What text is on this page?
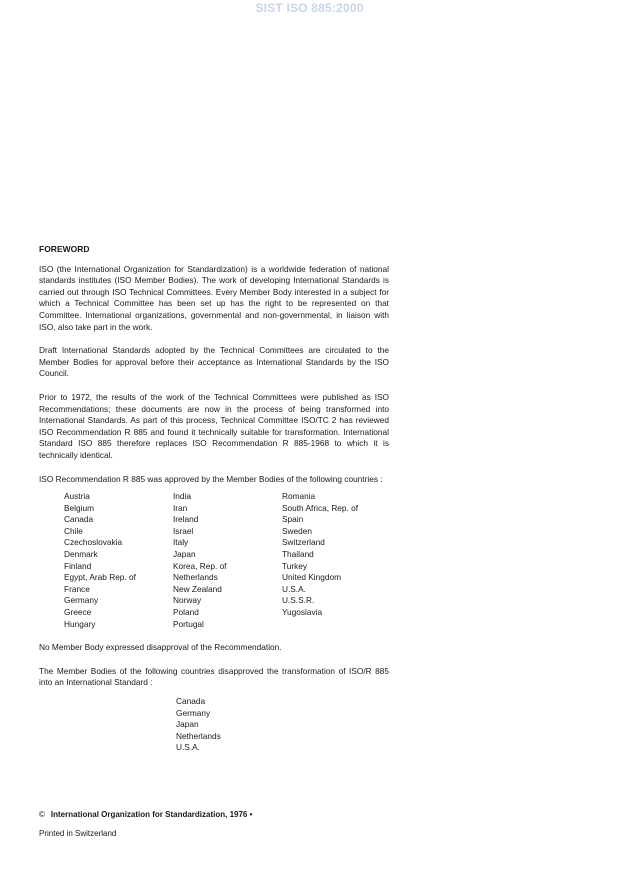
SIST ISO 885:2000
FOREWORD

ISO (the International Organization for Standardization) is a worldwide federation of national standards institutes (ISO Member Bodies). The work of developing International Standards is carried out through ISO Technical Committees. Every Member Body interested in a subject for which a Technical Committee has been set up has the right to be represented on that Committee. International organizations, governmental and non-governmental, in liaison with ISO, also take part in the work.

Draft International Standards adopted by the Technical Committees are circulated to the Member Bodies for approval before their acceptance as International Standards by the ISO Council.

Prior to 1972, the results of the work of the Technical Committees were published as ISO Recommendations; these documents are now in the process of being transformed into International Standards. As part of this process, Technical Committee ISO/TC 2 has reviewed ISO Recommendation R 885 and found it technically suitable for transformation. International Standard ISO 885 therefore replaces ISO Recommendation R 885-1968 to which it is technically identical.

ISO Recommendation R 885 was approved by the Member Bodies of the following countries :

Austria
Belgium
Canada
Chile
Czechoslovakia
Denmark
Finland
Egypt, Arab Rep. of
France
Germany
Greece
Hungary
India
Iran
Ireland
Israel
Italy
Japan
Korea, Rep. of
Netherlands
New Zealand
Norway
Poland
Portugal
Romania
South Africa, Rep. of
Spain
Sweden
Switzerland
Thailand
Turkey
United Kingdom
U.S.A.
U.S.S.R.
Yugoslavia

No Member Body expressed disapproval of the Recommendation.

The Member Bodies of the following countries disapproved the transformation of ISO/R 885 into an International Standard :

Canada
Germany
Japan
Netherlands
U.S.A.
© International Organization for Standardization, 1976 •
Printed in Switzerland
